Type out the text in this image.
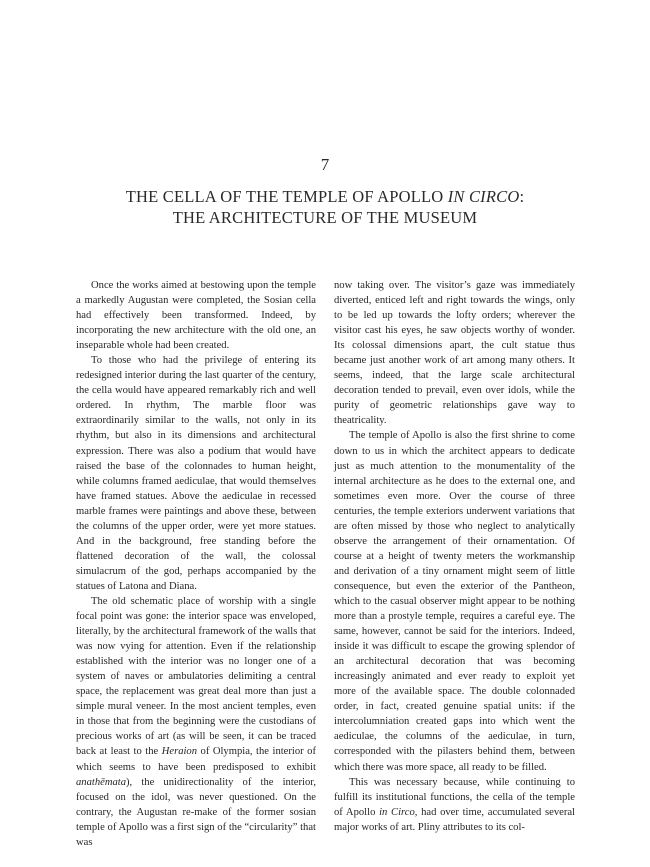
7
THE CELLA OF THE TEMPLE OF APOLLO IN CIRCO:
THE ARCHITECTURE OF THE MUSEUM

Once the works aimed at bestowing upon the temple a markedly Augustan were completed, the Sosian cella had effectively been transformed. Indeed, by incorporating the new architecture with the old one, an inseparable whole had been created.

To those who had the privilege of entering its redesigned interior during the last quarter of the century, the cella would have appeared remarkably rich and well ordered. In rhythm, The marble floor was extraordinarily similar to the walls, not only in its rhythm, but also in its dimensions and architectural expression. There was also a podium that would have raised the base of the colonnades to human height, while columns framed aediculae, that would themselves have framed statues. Above the aediculae in recessed marble frames were paintings and above these, between the columns of the upper order, were yet more statues. And in the background, free standing before the flattened decoration of the wall, the colossal simulacrum of the god, perhaps accompanied by the statues of Latona and Diana.

The old schematic place of worship with a single focal point was gone: the interior space was enveloped, literally, by the architectural framework of the walls that was now vying for attention. Even if the relationship established with the interior was no longer one of a system of naves or ambulatories delimiting a central space, the replacement was great deal more than just a simple mural veneer. In the most ancient temples, even in those that from the beginning were the custodians of precious works of art (as will be seen, it can be traced back at least to the Heraion of Olympia, the interior of which seems to have been predisposed to exhibit anathēmata), the unidirectionality of the interior, focused on the idol, was never questioned. On the contrary, the Augustan re-make of the former sosian temple of Apollo was a first sign of the “circularity” that was

now taking over. The visitor’s gaze was immediately diverted, enticed left and right towards the wings, only to be led up towards the lofty orders; wherever the visitor cast his eyes, he saw objects worthy of wonder. Its colossal dimensions apart, the cult statue thus became just another work of art among many others. It seems, indeed, that the large scale architectural decoration tended to prevail, even over idols, while the purity of geometric relationships gave way to theatricality.

The temple of Apollo is also the first shrine to come down to us in which the architect appears to dedicate just as much attention to the monumentality of the internal architecture as he does to the external one, and sometimes even more. Over the course of three centuries, the temple exteriors underwent variations that are often missed by those who neglect to analytically observe the arrangement of their ornamentation. Of course at a height of twenty meters the workmanship and derivation of a tiny ornament might seem of little consequence, but even the exterior of the Pantheon, which to the casual observer might appear to be nothing more than a prostyle temple, requires a careful eye. The same, however, cannot be said for the interiors. Indeed, inside it was difficult to escape the growing splendor of an architectural decoration that was becoming increasingly animated and ever ready to exploit yet more of the available space. The double colonnaded order, in fact, created genuine spatial units: if the intercolumniation created gaps into which went the aediculae, the columns of the aediculae, in turn, corresponded with the pilasters behind them, between which there was more space, all ready to be filled.

This was necessary because, while continuing to fulfill its institutional functions, the cella of the temple of Apollo in Circo, had over time, accumulated several major works of art. Pliny attributes to its col-
